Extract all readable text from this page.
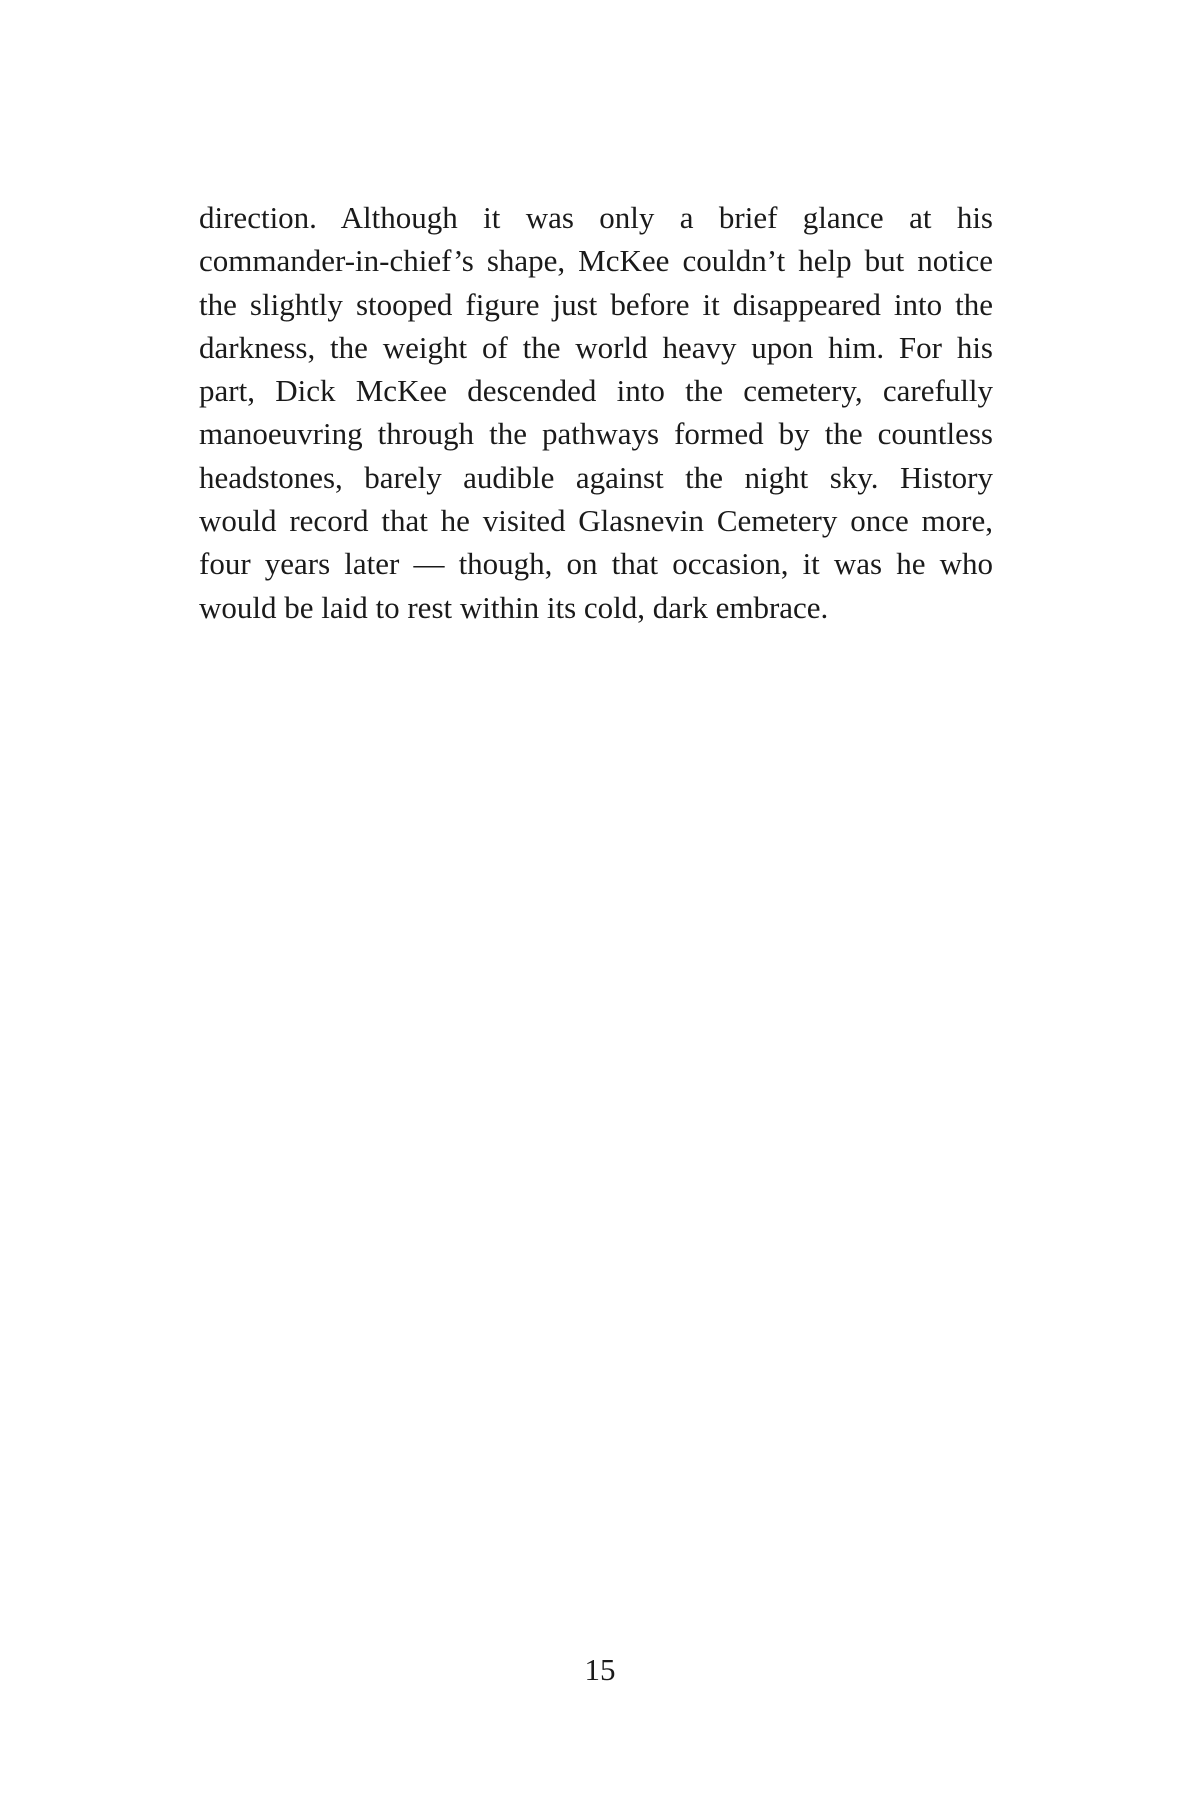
direction. Although it was only a brief glance at his
commander-in-chief’s shape, McKee couldn’t help but notice
the slightly stooped figure just before it disappeared into the
darkness, the weight of the world heavy upon him. For his
part, Dick McKee descended into the cemetery, carefully
manoeuvring through the pathways formed by the countless
headstones, barely audible against the night sky. History
would record that he visited Glasnevin Cemetery once more,
four years later — though, on that occasion, it was he who
would be laid to rest within its cold, dark embrace.
15
